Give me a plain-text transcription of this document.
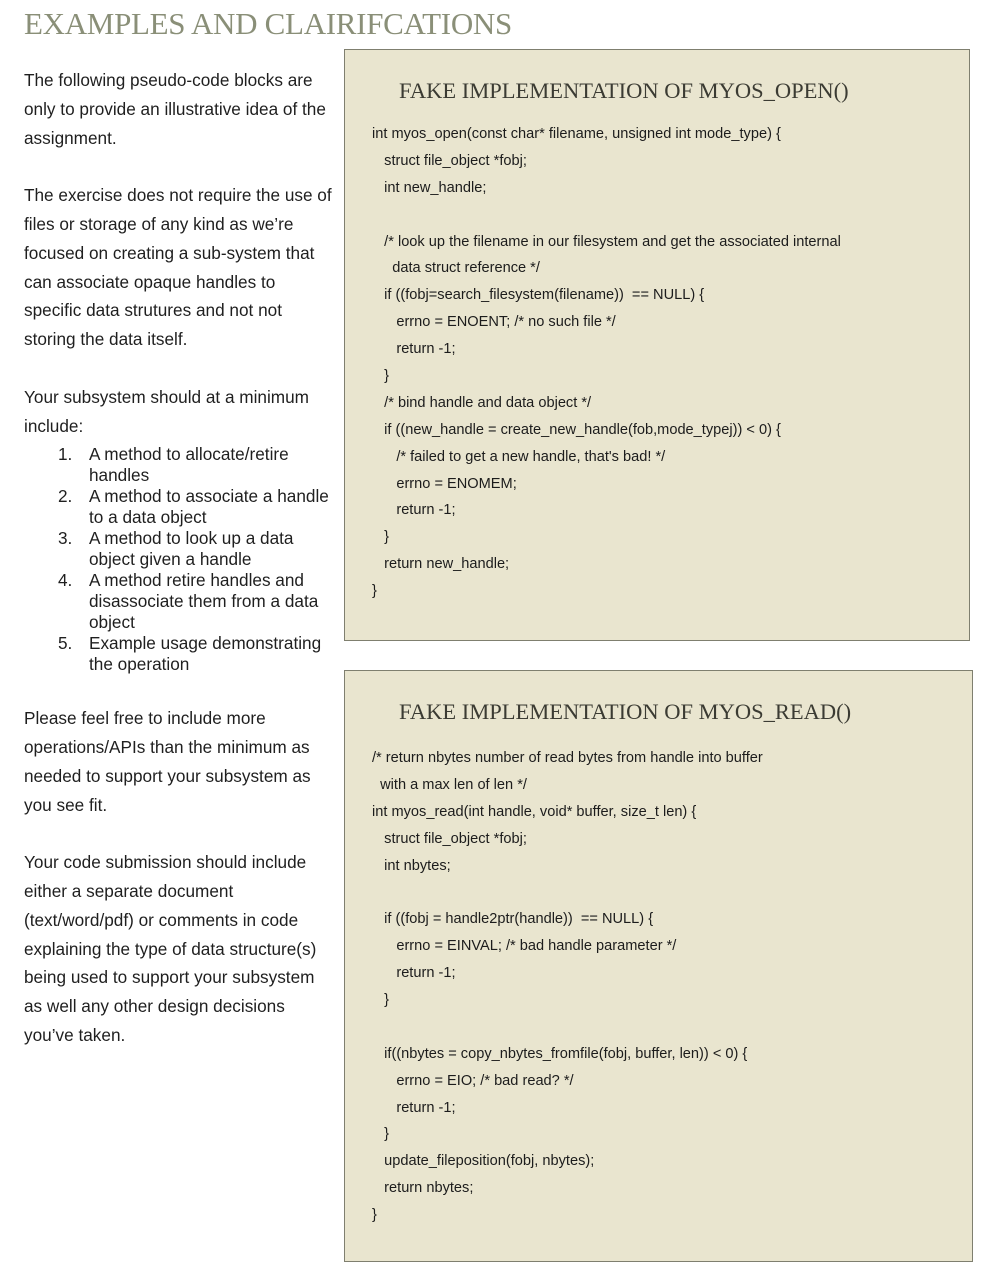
EXAMPLES AND CLAIRIFCATIONS

The following pseudo-code blocks are only to provide an illustrative idea of the assignment.

The exercise does not require the use of files or storage of any kind as we’re focused on creating a sub-system that can associate opaque handles to specific data strutures and not not storing the data itself.

Your subsystem should at a minimum include:

1. A method to allocate/retire handles
2. A method to associate a handle to a data object
3. A method to look up a data object given a handle
4. A method retire handles and disassociate them from a data object
5. Example usage demonstrating the operation

Please feel free to include more operations/APIs than the minimum as needed to support your subsystem as you see fit.

Your code submission should include either a separate document (text/word/pdf) or comments in code explaining the type of data structure(s) being used to support your subsystem as well any other design decisions you’ve taken.

FAKE IMPLEMENTATION OF MYOS_OPEN()
int myos_open(const char* filename, unsigned int mode_type) {
struct file_object *fobj;
int new_handle;
/* look up the filename in our filesystem and get the associated internal
data struct reference */
if ((fobj=search_filesystem(filename))  == NULL) {
errno = ENOENT; /* no such file */
return -1;
}
/* bind handle and data object */
if ((new_handle = create_new_handle(fob,mode_typej)) < 0) {
/* failed to get a new handle, that's bad! */
errno = ENOMEM;
return -1;
}
return new_handle;
}
FAKE IMPLEMENTATION OF MYOS_READ()
/* return nbytes number of read bytes from handle into buffer
with a max len of len */
int myos_read(int handle, void* buffer, size_t len) {
struct file_object *fobj;
int nbytes;
if ((fobj = handle2ptr(handle))  == NULL) {
errno = EINVAL; /* bad handle parameter */
return -1;
}
if((nbytes = copy_nbytes_fromfile(fobj, buffer, len)) < 0) {
errno = EIO; /* bad read? */
return -1;
}
update_fileposition(fobj, nbytes);
return nbytes;
}
